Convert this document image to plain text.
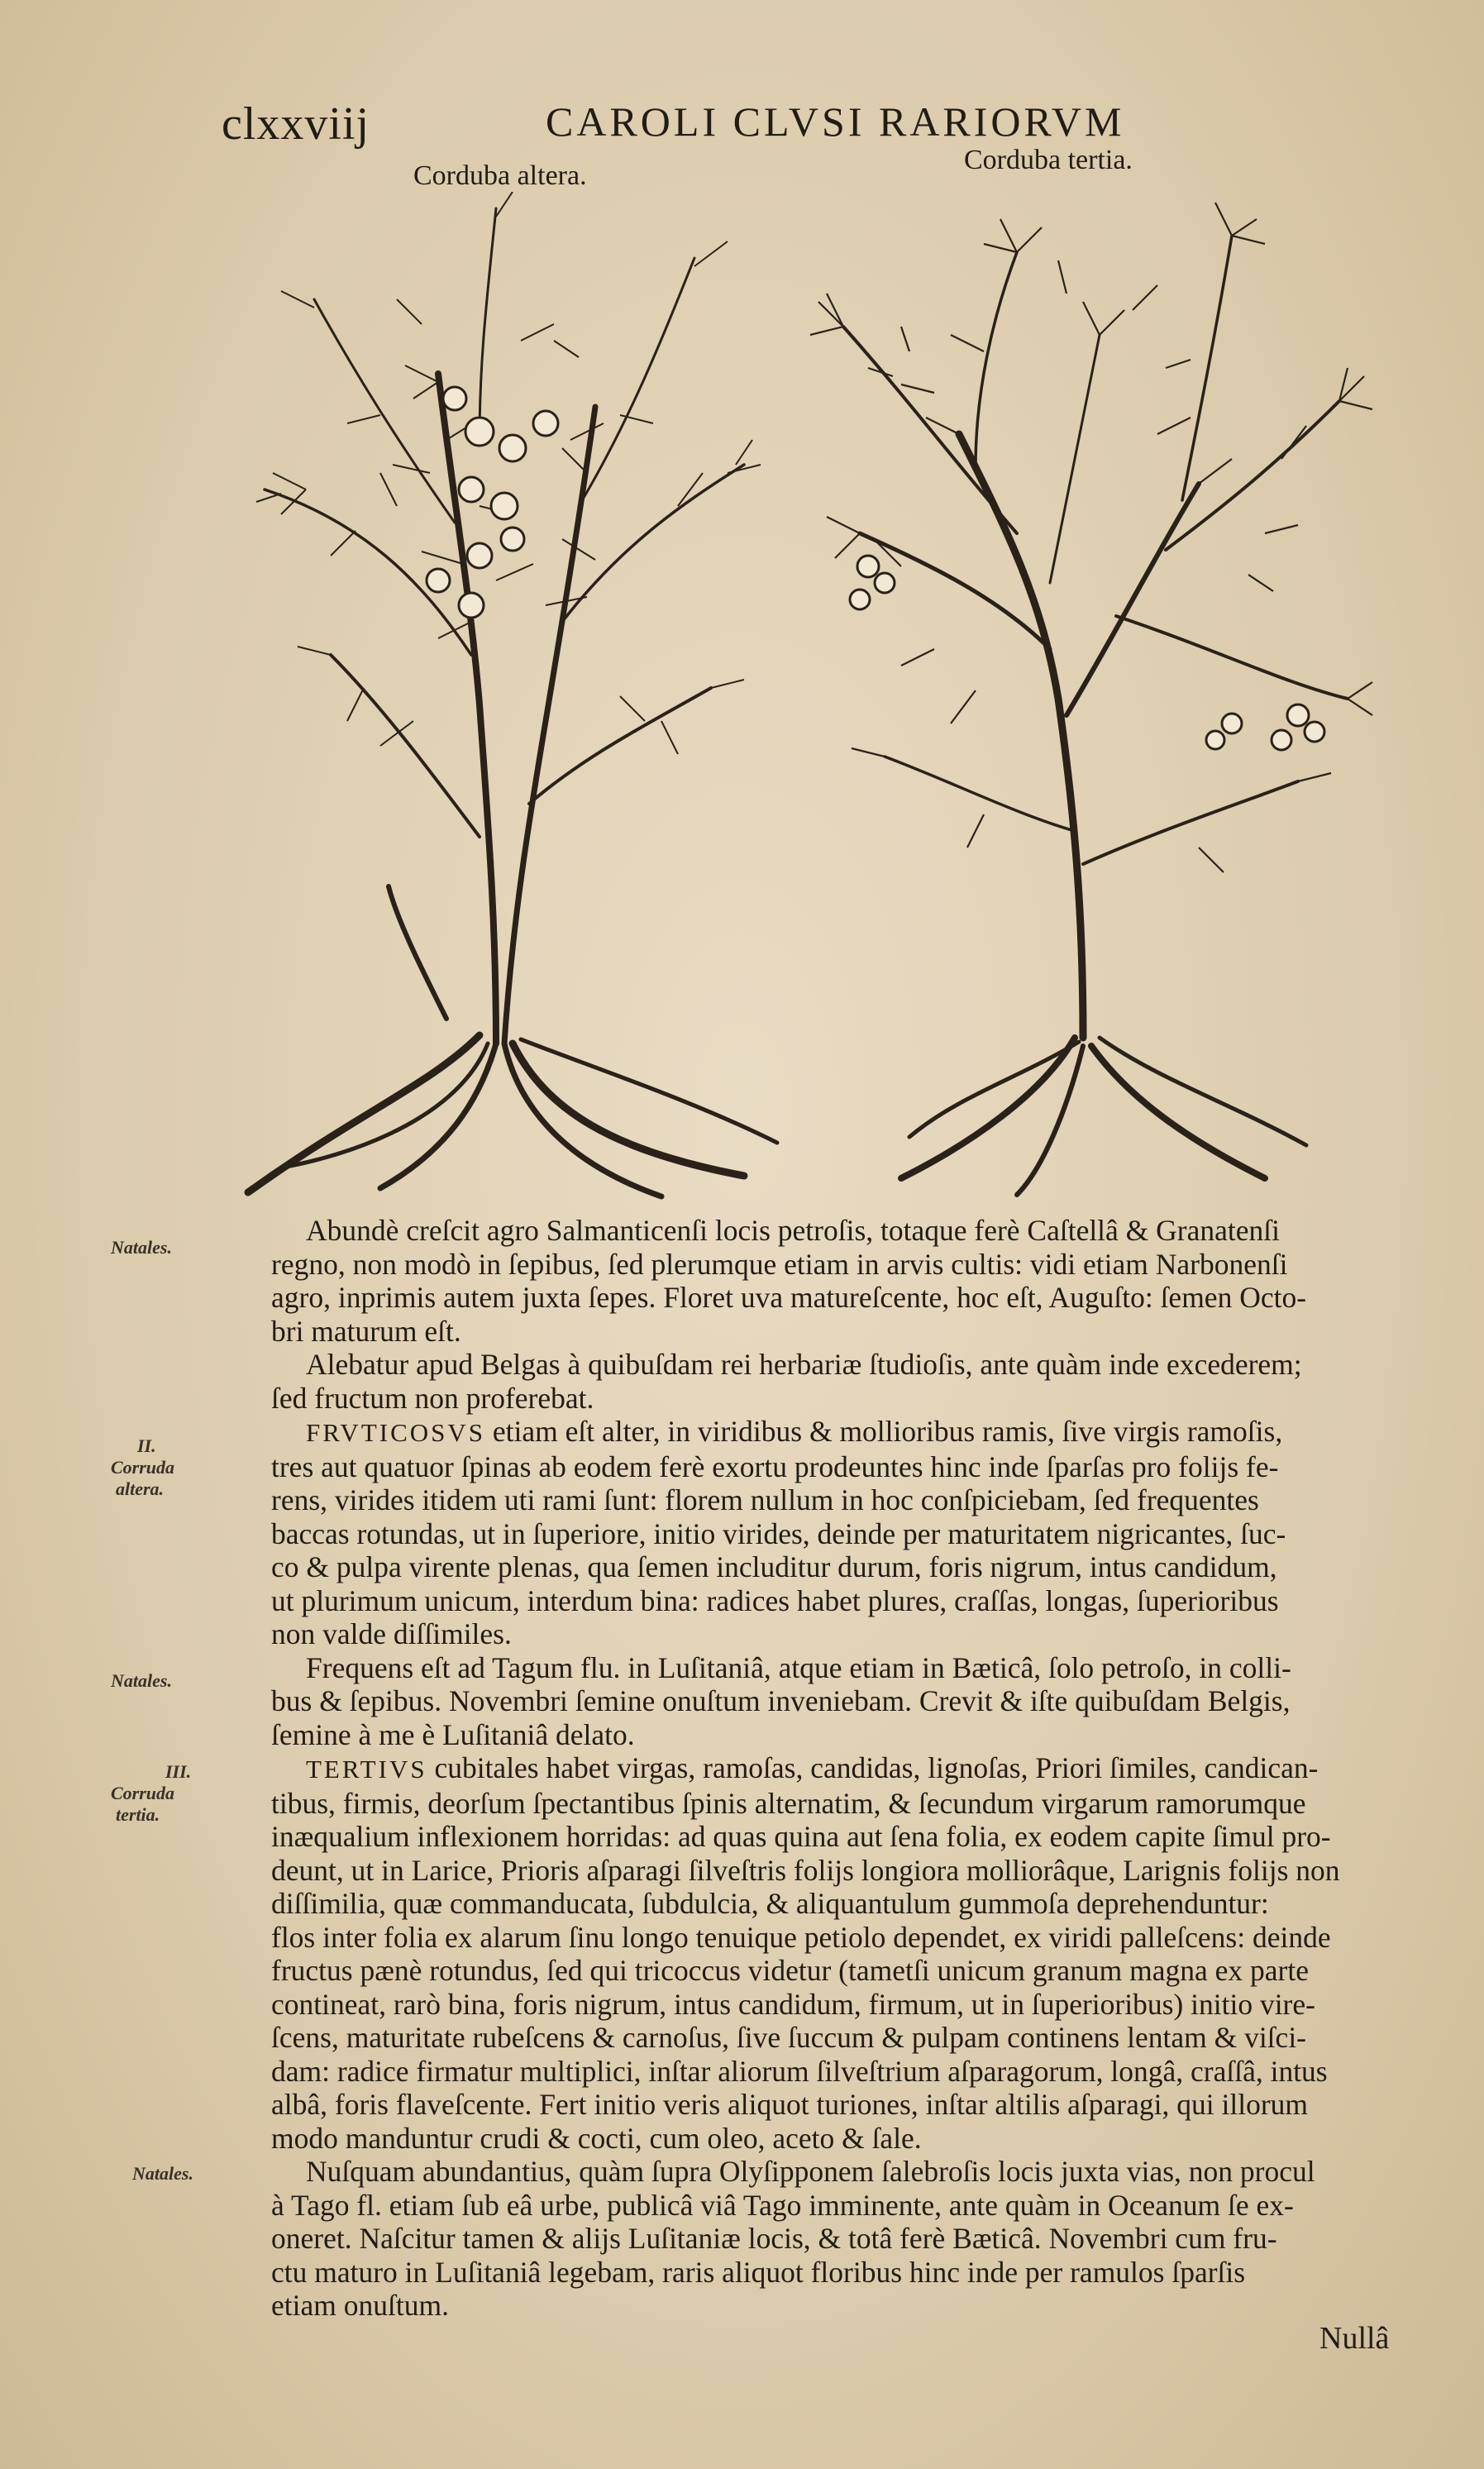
clxxviij	CAROLI CLVSI RARIORVM
Corduba altera.
Corduba tertia.
Natales.
II.
Corruda
altera.
Natales.
III.
Corruda
tertia.
Natales.

Abundè creſcit agro Salmanticenſi locis petroſis, totaque ferè Caſtellâ & Granatenſi
regno, non modò in ſepibus, ſed plerumque etiam in arvis cultis: vidi etiam Narbonenſi
agro, inprimis autem juxta ſepes. Floret uva matureſcente, hoc eſt, Auguſto: ſemen Octo-
bri maturum eſt.

Alebatur apud Belgas à quibuſdam rei herbariæ ſtudioſis, ante quàm inde excederem;
ſed fructum non proferebat.

FRVTICOSVS etiam eſt alter, in viridibus & mollioribus ramis, ſive virgis ramoſis,
tres aut quatuor ſpinas ab eodem ferè exortu prodeuntes hinc inde ſparſas pro folijs fe-
rens, virides itidem uti rami ſunt: florem nullum in hoc conſpiciebam, ſed frequentes
baccas rotundas, ut in ſuperiore, initio virides, deinde per maturitatem nigricantes, ſuc-
co & pulpa virente plenas, qua ſemen includitur durum, foris nigrum, intus candidum,
ut plurimum unicum, interdum bina: radices habet plures, craſſas, longas, ſuperioribus
non valde diſſimiles.

Frequens eſt ad Tagum flu. in Luſitaniâ, atque etiam in Bæticâ, ſolo petroſo, in colli-
bus & ſepibus. Novembri ſemine onuſtum inveniebam. Crevit & iſte quibuſdam Belgis,
ſemine à me è Luſitaniâ delato.

TERTIVS cubitales habet virgas, ramoſas, candidas, lignoſas, Priori ſimiles, candican-
tibus, firmis, deorſum ſpectantibus ſpinis alternatim, & ſecundum virgarum ramorumque
inæqualium inflexionem horridas: ad quas quina aut ſena folia, ex eodem capite ſimul pro-
deunt, ut in Larice, Prioris aſparagi ſilveſtris folijs longiora molliorâque, Larignis folijs non
diſſimilia, quæ commanducata, ſubdulcia, & aliquantulum gummoſa deprehenduntur:
flos inter folia ex alarum ſinu longo tenuique petiolo dependet, ex viridi palleſcens: deinde
fructus pænè rotundus, ſed qui tricoccus videtur (tametſi unicum granum magna ex parte
contineat, rarò bina, foris nigrum, intus candidum, firmum, ut in ſuperioribus) initio vire-
ſcens, maturitate rubeſcens & carnoſus, ſive ſuccum & pulpam continens lentam & viſci-
dam: radice firmatur multiplici, inſtar aliorum ſilveſtrium aſparagorum, longâ, craſſâ, intus
albâ, foris flaveſcente. Fert initio veris aliquot turiones, inſtar altilis aſparagi, qui illorum
modo manduntur crudi & cocti, cum oleo, aceto & ſale.

Nuſquam abundantius, quàm ſupra Olyſipponem ſalebroſis locis juxta vias, non procul
à Tago fl. etiam ſub eâ urbe, publicâ viâ Tago imminente, ante quàm in Oceanum ſe ex-
oneret. Naſcitur tamen & alijs Luſitaniæ locis, & totâ ferè Bæticâ. Novembri cum fru-
ctu maturo in Luſitaniâ legebam, raris aliquot floribus hinc inde per ramulos ſparſis
etiam onuſtum.

Nullâ
